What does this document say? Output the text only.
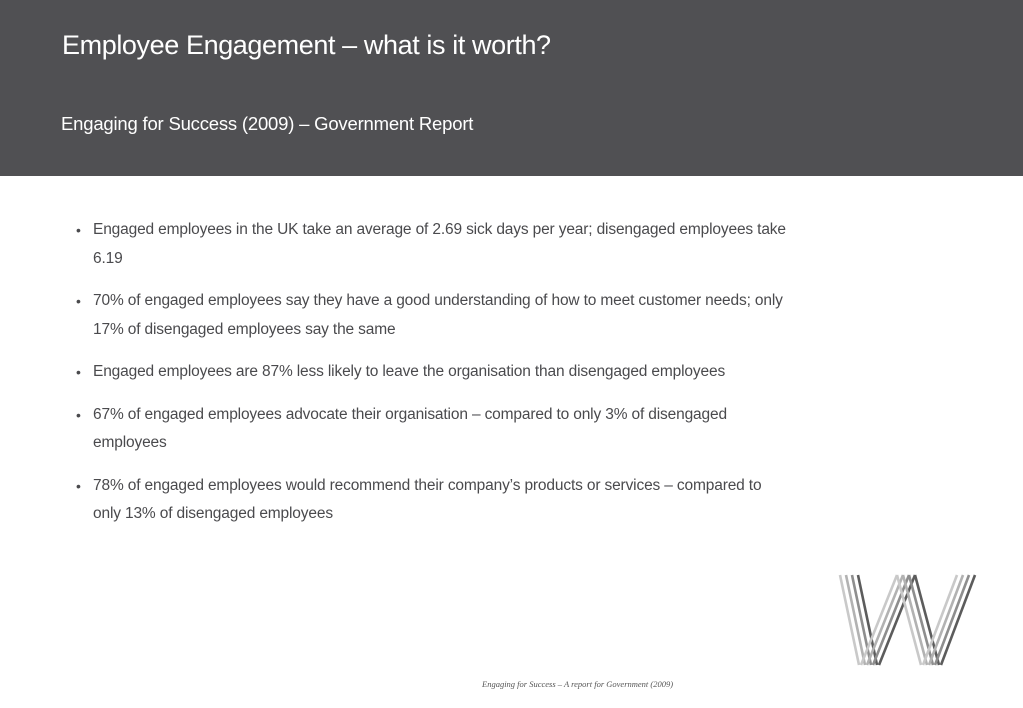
Employee Engagement – what is it worth?
Engaging for Success (2009) – Government Report
• Engaged employees in the UK take an average of 2.69 sick days per year; disengaged employees take 6.19
• 70% of engaged employees say they have a good understanding of how to meet customer needs; only 17% of disengaged employees say the same
• Engaged employees are 87% less likely to leave the organisation than disengaged employees
• 67% of engaged employees advocate their organisation – compared to only 3% of disengaged employees
• 78% of engaged employees would recommend their company’s products or services – compared to only 13% of disengaged employees
Engaging for Success – A report for Government (2009)
